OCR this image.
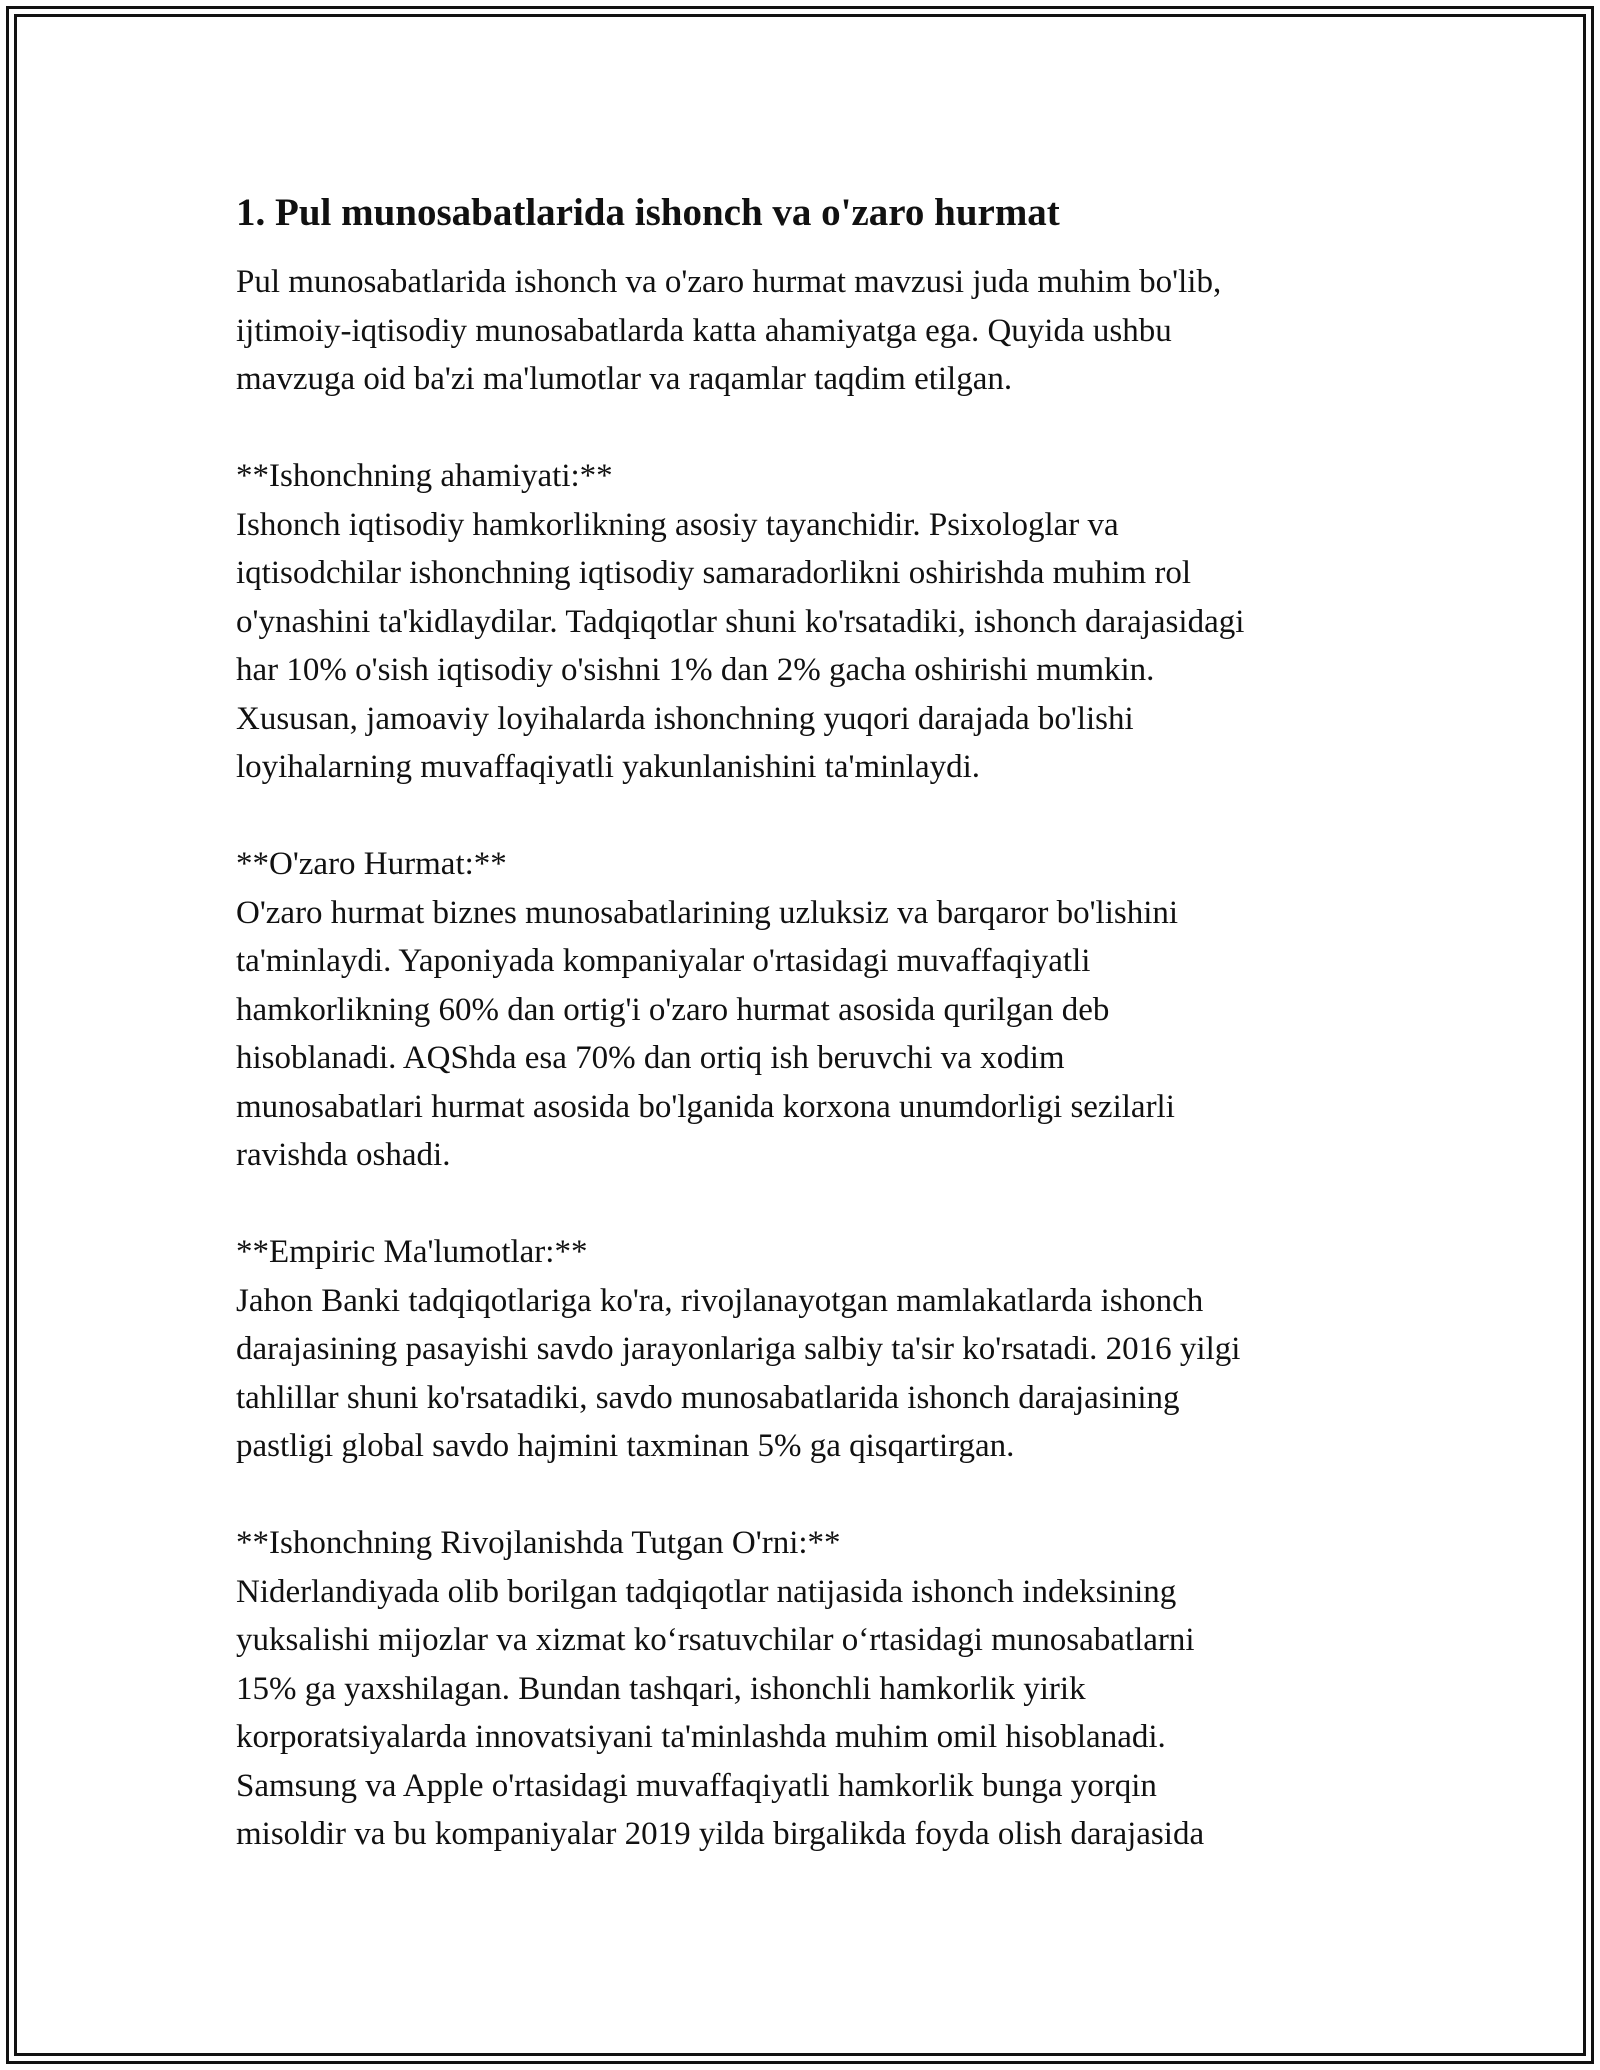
1. Pul munosabatlarida ishonch va o'zaro hurmat
Pul munosabatlarida ishonch va o'zaro hurmat mavzusi juda muhim bo'lib,
ijtimoiy-iqtisodiy munosabatlarda katta ahamiyatga ega. Quyida ushbu
mavzuga oid ba'zi ma'lumotlar va raqamlar taqdim etilgan.
**Ishonchning ahamiyati:**
Ishonch iqtisodiy hamkorlikning asosiy tayanchidir. Psixologlar va
iqtisodchilar ishonchning iqtisodiy samaradorlikni oshirishda muhim rol
o'ynashini ta'kidlaydilar. Tadqiqotlar shuni ko'rsatadiki, ishonch darajasidagi
har 10% o'sish iqtisodiy o'sishni 1% dan 2% gacha oshirishi mumkin.
Xususan, jamoaviy loyihalarda ishonchning yuqori darajada bo'lishi
loyihalarning muvaffaqiyatli yakunlanishini ta'minlaydi.
**O'zaro Hurmat:**
O'zaro hurmat biznes munosabatlarining uzluksiz va barqaror bo'lishini
ta'minlaydi. Yaponiyada kompaniyalar o'rtasidagi muvaffaqiyatli
hamkorlikning 60% dan ortig'i o'zaro hurmat asosida qurilgan deb
hisoblanadi. AQShda esa 70% dan ortiq ish beruvchi va xodim
munosabatlari hurmat asosida bo'lganida korxona unumdorligi sezilarli
ravishda oshadi.
**Empiric Ma'lumotlar:**
Jahon Banki tadqiqotlariga ko'ra, rivojlanayotgan mamlakatlarda ishonch
darajasining pasayishi savdo jarayonlariga salbiy ta'sir ko'rsatadi. 2016 yilgi
tahlillar shuni ko'rsatadiki, savdo munosabatlarida ishonch darajasining
pastligi global savdo hajmini taxminan 5% ga qisqartirgan.
**Ishonchning Rivojlanishda Tutgan O'rni:**
Niderlandiyada olib borilgan tadqiqotlar natijasida ishonch indeksining
yuksalishi mijozlar va xizmat ko‘rsatuvchilar o‘rtasidagi munosabatlarni
15% ga yaxshilagan. Bundan tashqari, ishonchli hamkorlik yirik
korporatsiyalarda innovatsiyani ta'minlashda muhim omil hisoblanadi.
Samsung va Apple o'rtasidagi muvaffaqiyatli hamkorlik bunga yorqin
misoldir va bu kompaniyalar 2019 yilda birgalikda foyda olish darajasida
